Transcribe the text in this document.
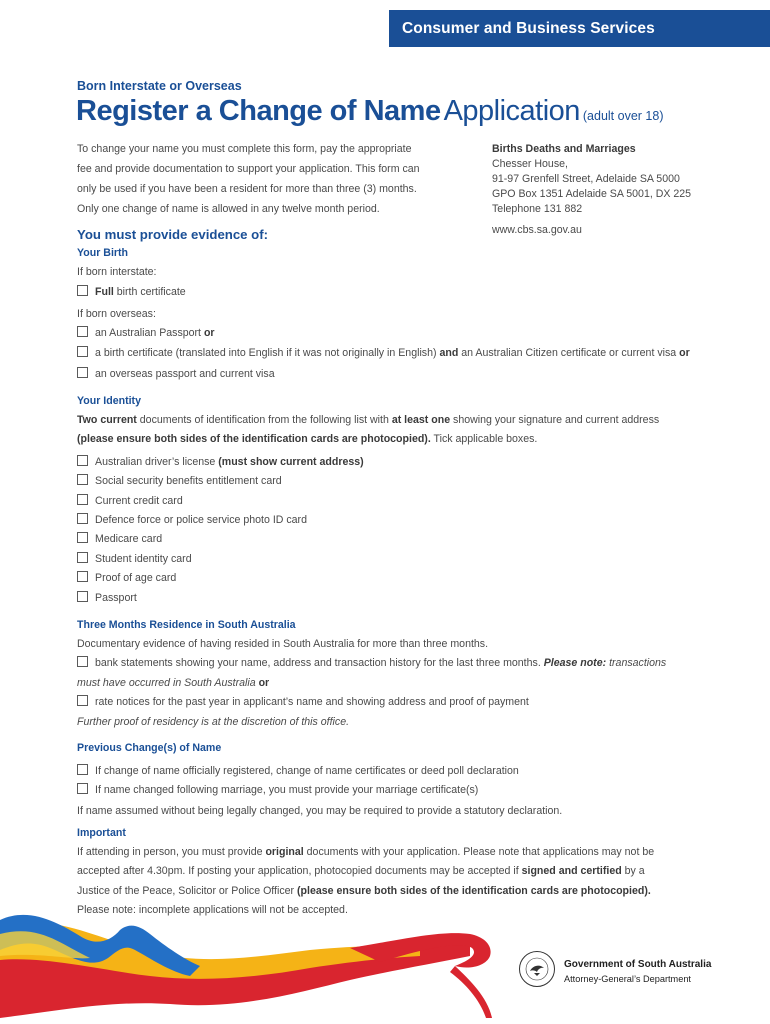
Consumer and Business Services
Born Interstate or Overseas
Register a Change of Name Application (adult over 18)
To change your name you must complete this form, pay the appropriate
fee and provide documentation to support your application. This form can
only be used if you have been a resident for more than three (3) months.
Only one change of name is allowed in any twelve month period.
Births Deaths and Marriages
Chesser House,
91-97 Grenfell Street, Adelaide SA 5000
GPO Box 1351 Adelaide SA 5001, DX 225
Telephone 131 882
www.cbs.sa.gov.au
You must provide evidence of:
Your Birth
If born interstate:
Full birth certificate
If born overseas:
an Australian Passport or
a birth certificate (translated into English if it was not originally in English) and an Australian Citizen certificate or current visa or
an overseas passport and current visa
Your Identity
Two current documents of identification from the following list with at least one showing your signature and current address
(please ensure both sides of the identification cards are photocopied). Tick applicable boxes.
Australian driver’s license (must show current address)
Social security benefits entitlement card
Current credit card
Defence force or police service photo ID card
Medicare card
Student identity card
Proof of age card
Passport
Three Months Residence in South Australia
Documentary evidence of having resided in South Australia for more than three months.
bank statements showing your name, address and transaction history for the last three months. Please note: transactions
must have occurred in South Australia or
rate notices for the past year in applicant’s name and showing address and proof of payment
Further proof of residency is at the discretion of this office.
Previous Change(s) of Name
If change of name officially registered, change of name certificates or deed poll declaration
If name changed following marriage, you must provide your marriage certificate(s)
If name assumed without being legally changed, you may be required to provide a statutory declaration.
Important
If attending in person, you must provide original documents with your application. Please note that applications may not be
accepted after 4.30pm. If posting your application, photocopied documents may be accepted if signed and certified by a
Justice of the Peace, Solicitor or Police Officer (please ensure both sides of the identification cards are photocopied).
Please note: incomplete applications will not be accepted.
Government of South Australia
Attorney-General’s Department
